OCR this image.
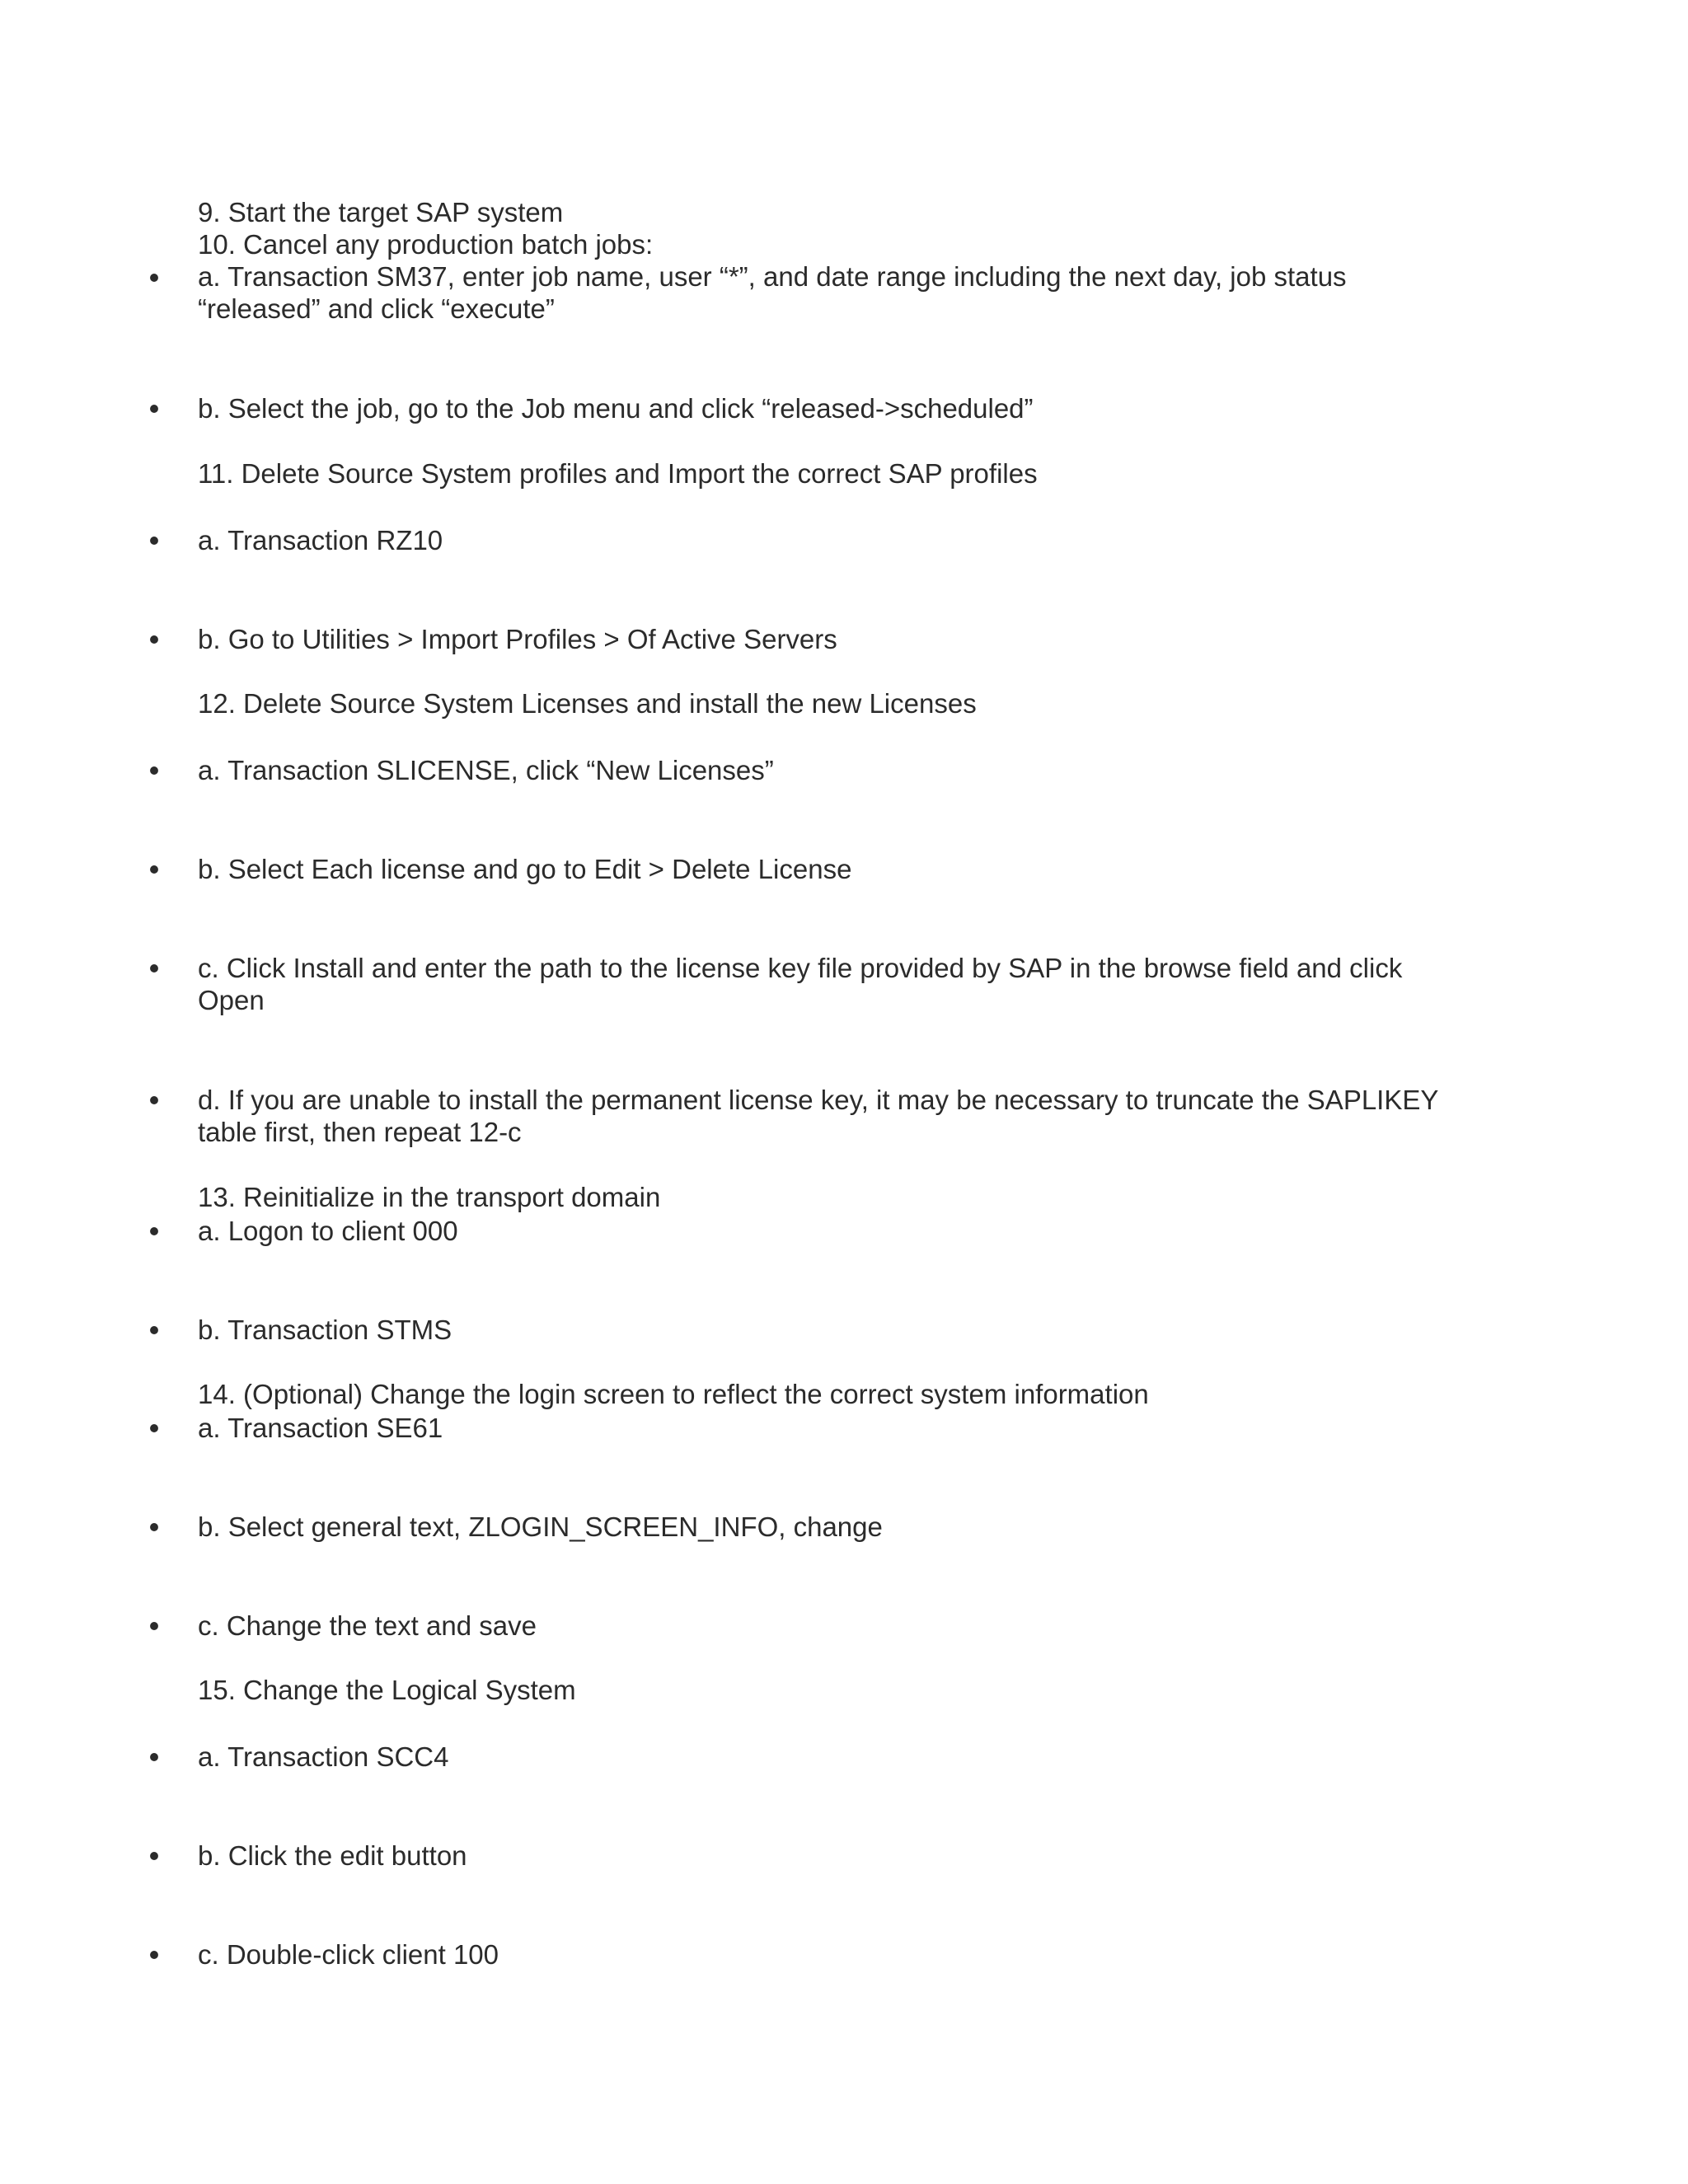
9. Start the target SAP system

10. Cancel any production batch jobs:

a. Transaction SM37, enter job name, user “*”, and date range including the next day, job status “released” and click “execute”

b. Select the job, go to the Job menu and click “released->scheduled”

11. Delete Source System profiles and Import the correct SAP profiles

a. Transaction RZ10

b. Go to Utilities > Import Profiles > Of Active Servers

12. Delete Source System Licenses and install the new Licenses

a. Transaction SLICENSE, click “New Licenses”

b. Select Each license and go to Edit > Delete License

c. Click Install and enter the path to the license key file provided by SAP in the browse field and click Open

d. If you are unable to install the permanent license key, it may be necessary to truncate the SAPLIKEY table first, then repeat 12-c

13. Reinitialize in the transport domain

a. Logon to client 000

b. Transaction STMS

14. (Optional) Change the login screen to reflect the correct system information

a. Transaction SE61

b. Select general text, ZLOGIN_SCREEN_INFO, change

c. Change the text and save

15. Change the Logical System

a. Transaction SCC4

b. Click the edit button

c. Double-click client 100
